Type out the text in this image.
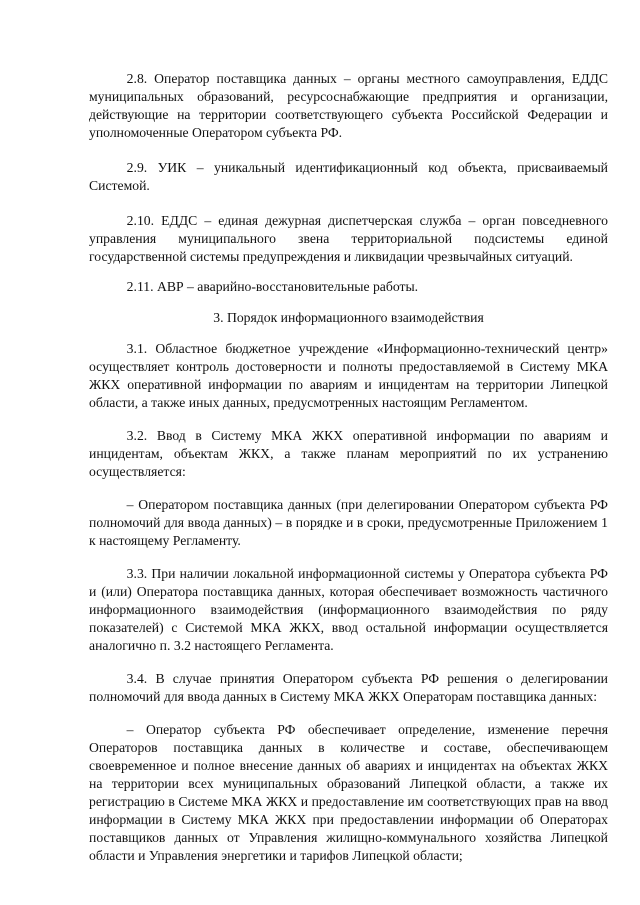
2.8. Оператор поставщика данных – органы местного самоуправления, ЕДДС муниципальных образований, ресурсоснабжающие предприятия и организации, действующие на территории соответствующего субъекта Российской Федерации и уполномоченные Оператором субъекта РФ.

2.9. УИК – уникальный идентификационный код объекта, присваиваемый Системой.

2.10. ЕДДС – единая дежурная диспетчерская служба – орган повседневного управления муниципального звена территориальной подсистемы единой государственной системы предупреждения и ликвидации чрезвычайных ситуаций.

2.11. АВР – аварийно-восстановительные работы.

3. Порядок информационного взаимодействия

3.1. Областное бюджетное учреждение «Информационно-технический центр» осуществляет контроль достоверности и полноты предоставляемой в Систему МКА ЖКХ оперативной информации по авариям и инцидентам на территории Липецкой области, а также иных данных, предусмотренных настоящим Регламентом.

3.2. Ввод в Систему МКА ЖКХ оперативной информации по авариям и инцидентам, объектам ЖКХ, а также планам мероприятий по их устранению осуществляется:

– Оператором поставщика данных (при делегировании Оператором субъекта РФ полномочий для ввода данных) – в порядке и в сроки, предусмотренные Приложением 1 к настоящему Регламенту.

3.3. При наличии локальной информационной системы у Оператора субъекта РФ и (или) Оператора поставщика данных, которая обеспечивает возможность частичного информационного взаимодействия (информационного взаимодействия по ряду показателей) с Системой МКА ЖКХ, ввод остальной информации осуществляется аналогично п. 3.2 настоящего Регламента.

3.4. В случае принятия Оператором субъекта РФ решения о делегировании полномочий для ввода данных в Систему МКА ЖКХ Операторам поставщика данных:

– Оператор субъекта РФ обеспечивает определение, изменение перечня Операторов поставщика данных в количестве и составе, обеспечивающем своевременное и полное внесение данных об авариях и инцидентах на объектах ЖКХ на территории всех муниципальных образований Липецкой области, а также их регистрацию в Системе МКА ЖКХ и предоставление им соответствующих прав на ввод информации в Систему МКА ЖКХ при предоставлении информации об Операторах поставщиков данных от Управления жилищно-коммунального хозяйства Липецкой области и Управления энергетики и тарифов Липецкой области;
